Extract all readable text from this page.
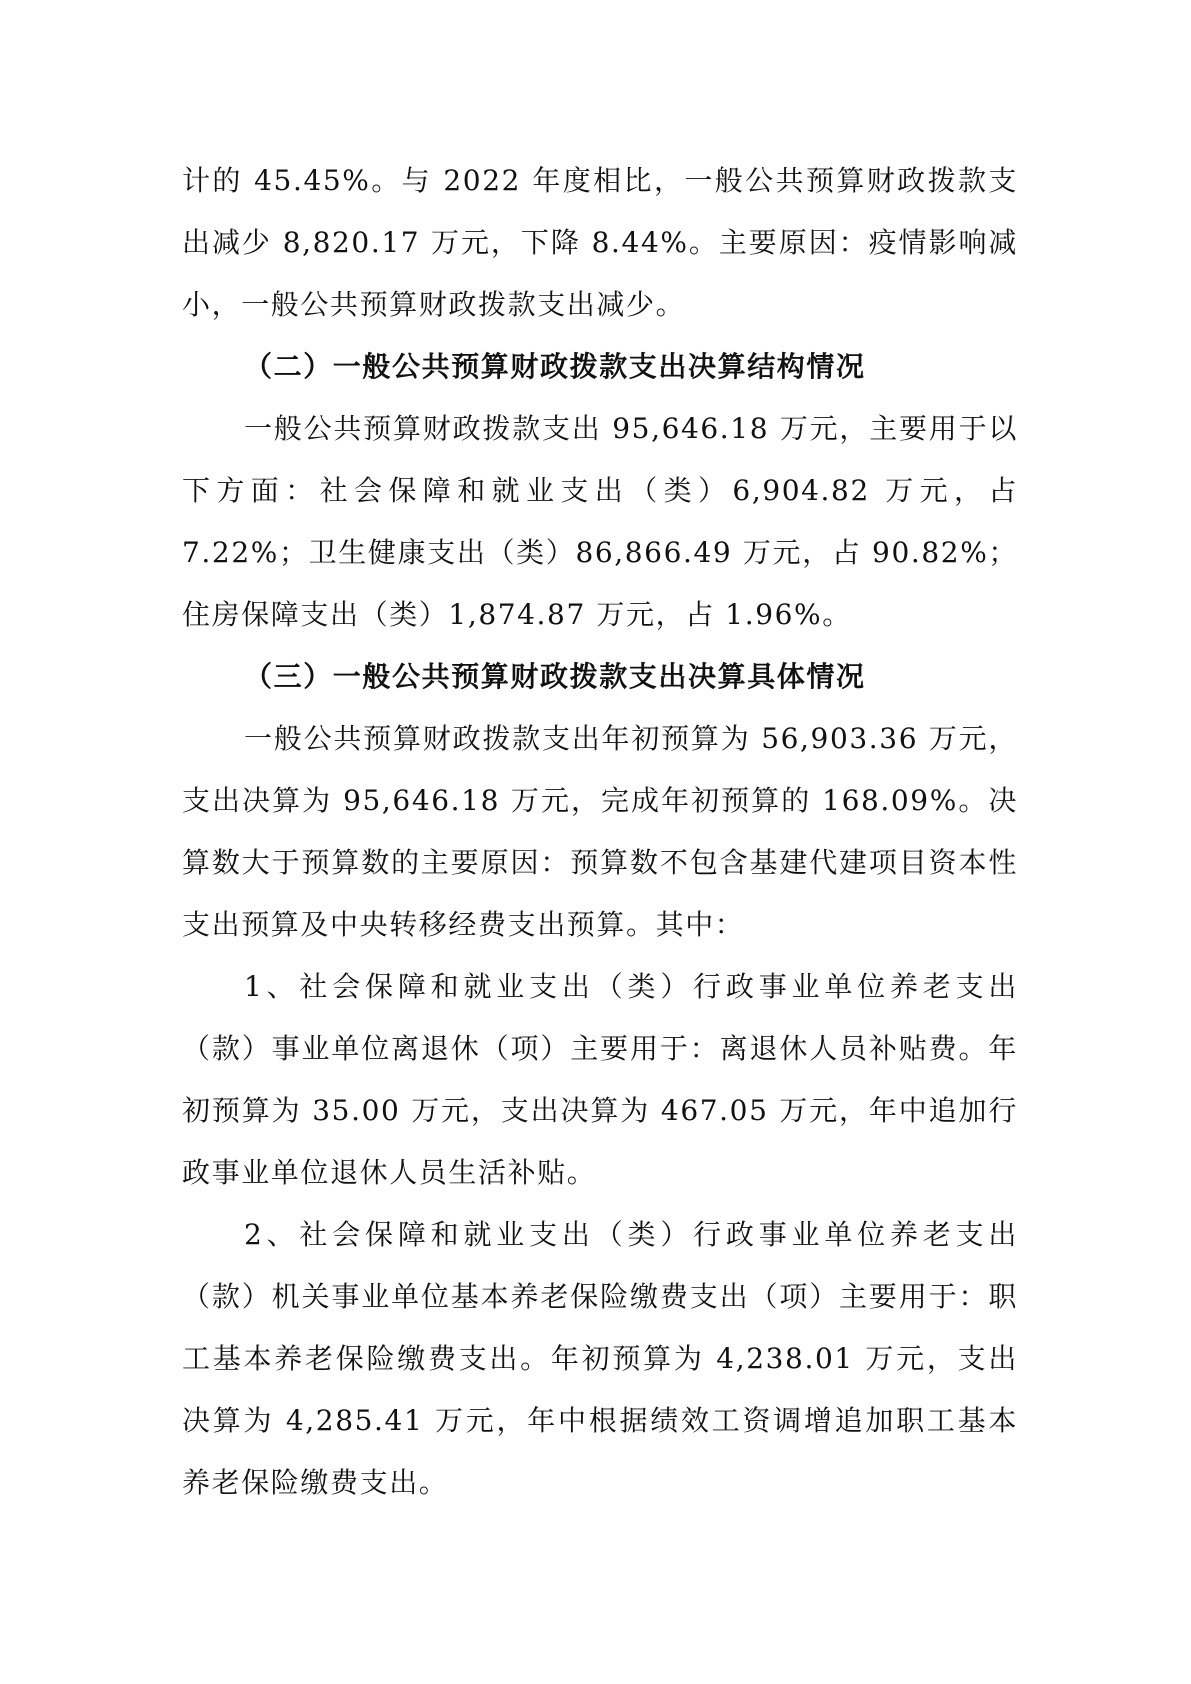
计的 45.45%。与 2022 年度相比，一般公共预算财政拨款支出减少 8,820.17 万元，下降 8.44%。主要原因：疫情影响减小，一般公共预算财政拨款支出减少。

（二）一般公共预算财政拨款支出决算结构情况

一般公共预算财政拨款支出 95,646.18 万元，主要用于以下方面：社会保障和就业支出（类）6,904.82 万元，占 7.22%；卫生健康支出（类）86,866.49 万元，占 90.82%；住房保障支出（类）1,874.87 万元，占 1.96%。

（三）一般公共预算财政拨款支出决算具体情况

一般公共预算财政拨款支出年初预算为 56,903.36 万元，支出决算为 95,646.18 万元，完成年初预算的 168.09%。决算数大于预算数的主要原因：预算数不包含基建代建项目资本性支出预算及中央转移经费支出预算。其中：

1、社会保障和就业支出（类）行政事业单位养老支出（款）事业单位离退休（项）主要用于：离退休人员补贴费。年初预算为 35.00 万元，支出决算为 467.05 万元，年中追加行政事业单位退休人员生活补贴。

2、社会保障和就业支出（类）行政事业单位养老支出（款）机关事业单位基本养老保险缴费支出（项）主要用于：职工基本养老保险缴费支出。年初预算为 4,238.01 万元，支出决算为 4,285.41 万元，年中根据绩效工资调增追加职工基本养老保险缴费支出。
